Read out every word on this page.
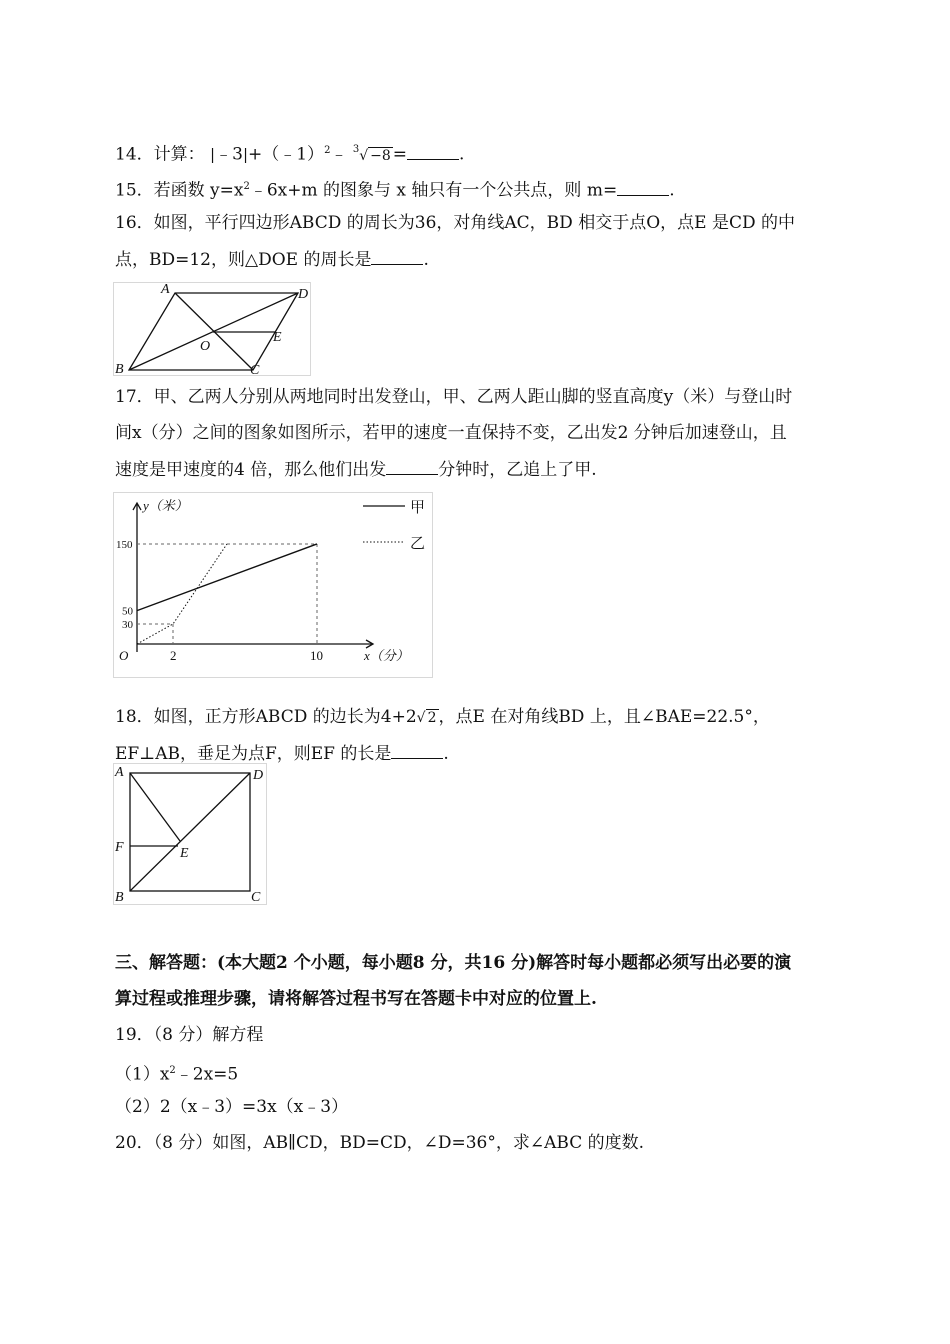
14．计算： |﹣3|+（﹣1）$^2$﹣ $^3$√ −8 =	.
15．若函数 $y=x^2﹣6x+m$ 的图象与 x 轴只有一个公共点，则 m=	.
16．如图，平行四边形ABCD 的周长为36，对角线AC，BD 相交于点O，点E 是CD 的中
点，BD=12，则△DOE 的周长是	.
A	D
B	C
O
E
17．甲、乙两人分别从两地同时出发登山，甲、乙两人距山脚的竖直高度y（米）与登山时
间x（分）之间的图象如图所示，若甲的速度一直保持不变，乙出发2 分钟后加速登山，且
速度是甲速度的4 倍，那么他们出发	分钟时，乙追上了甲.
y（米）
x（分）
O	2	10
30
50
150
甲
乙
18．如图，正方形ABCD 的边长为4+2√ 2 ，点E 在对角线BD 上，且∠BAE=22.5°，
EF⊥AB，垂足为点F，则EF 的长是	.
A	D
F	E
B	C
三、解答题：(本大题2 个小题，每小题8 分，共16 分)解答时每小题都必须写出必要的演
算过程或推理步骤，请将解答过程书写在答题卡中对应的位置上.
19．（8 分）解方程
$(1)x^2﹣2x=5$
（2）2（x﹣3）=3x（x﹣3）
20．（8 分）如图，AB∥CD，BD=CD，∠D=36°，求∠ABC 的度数.
